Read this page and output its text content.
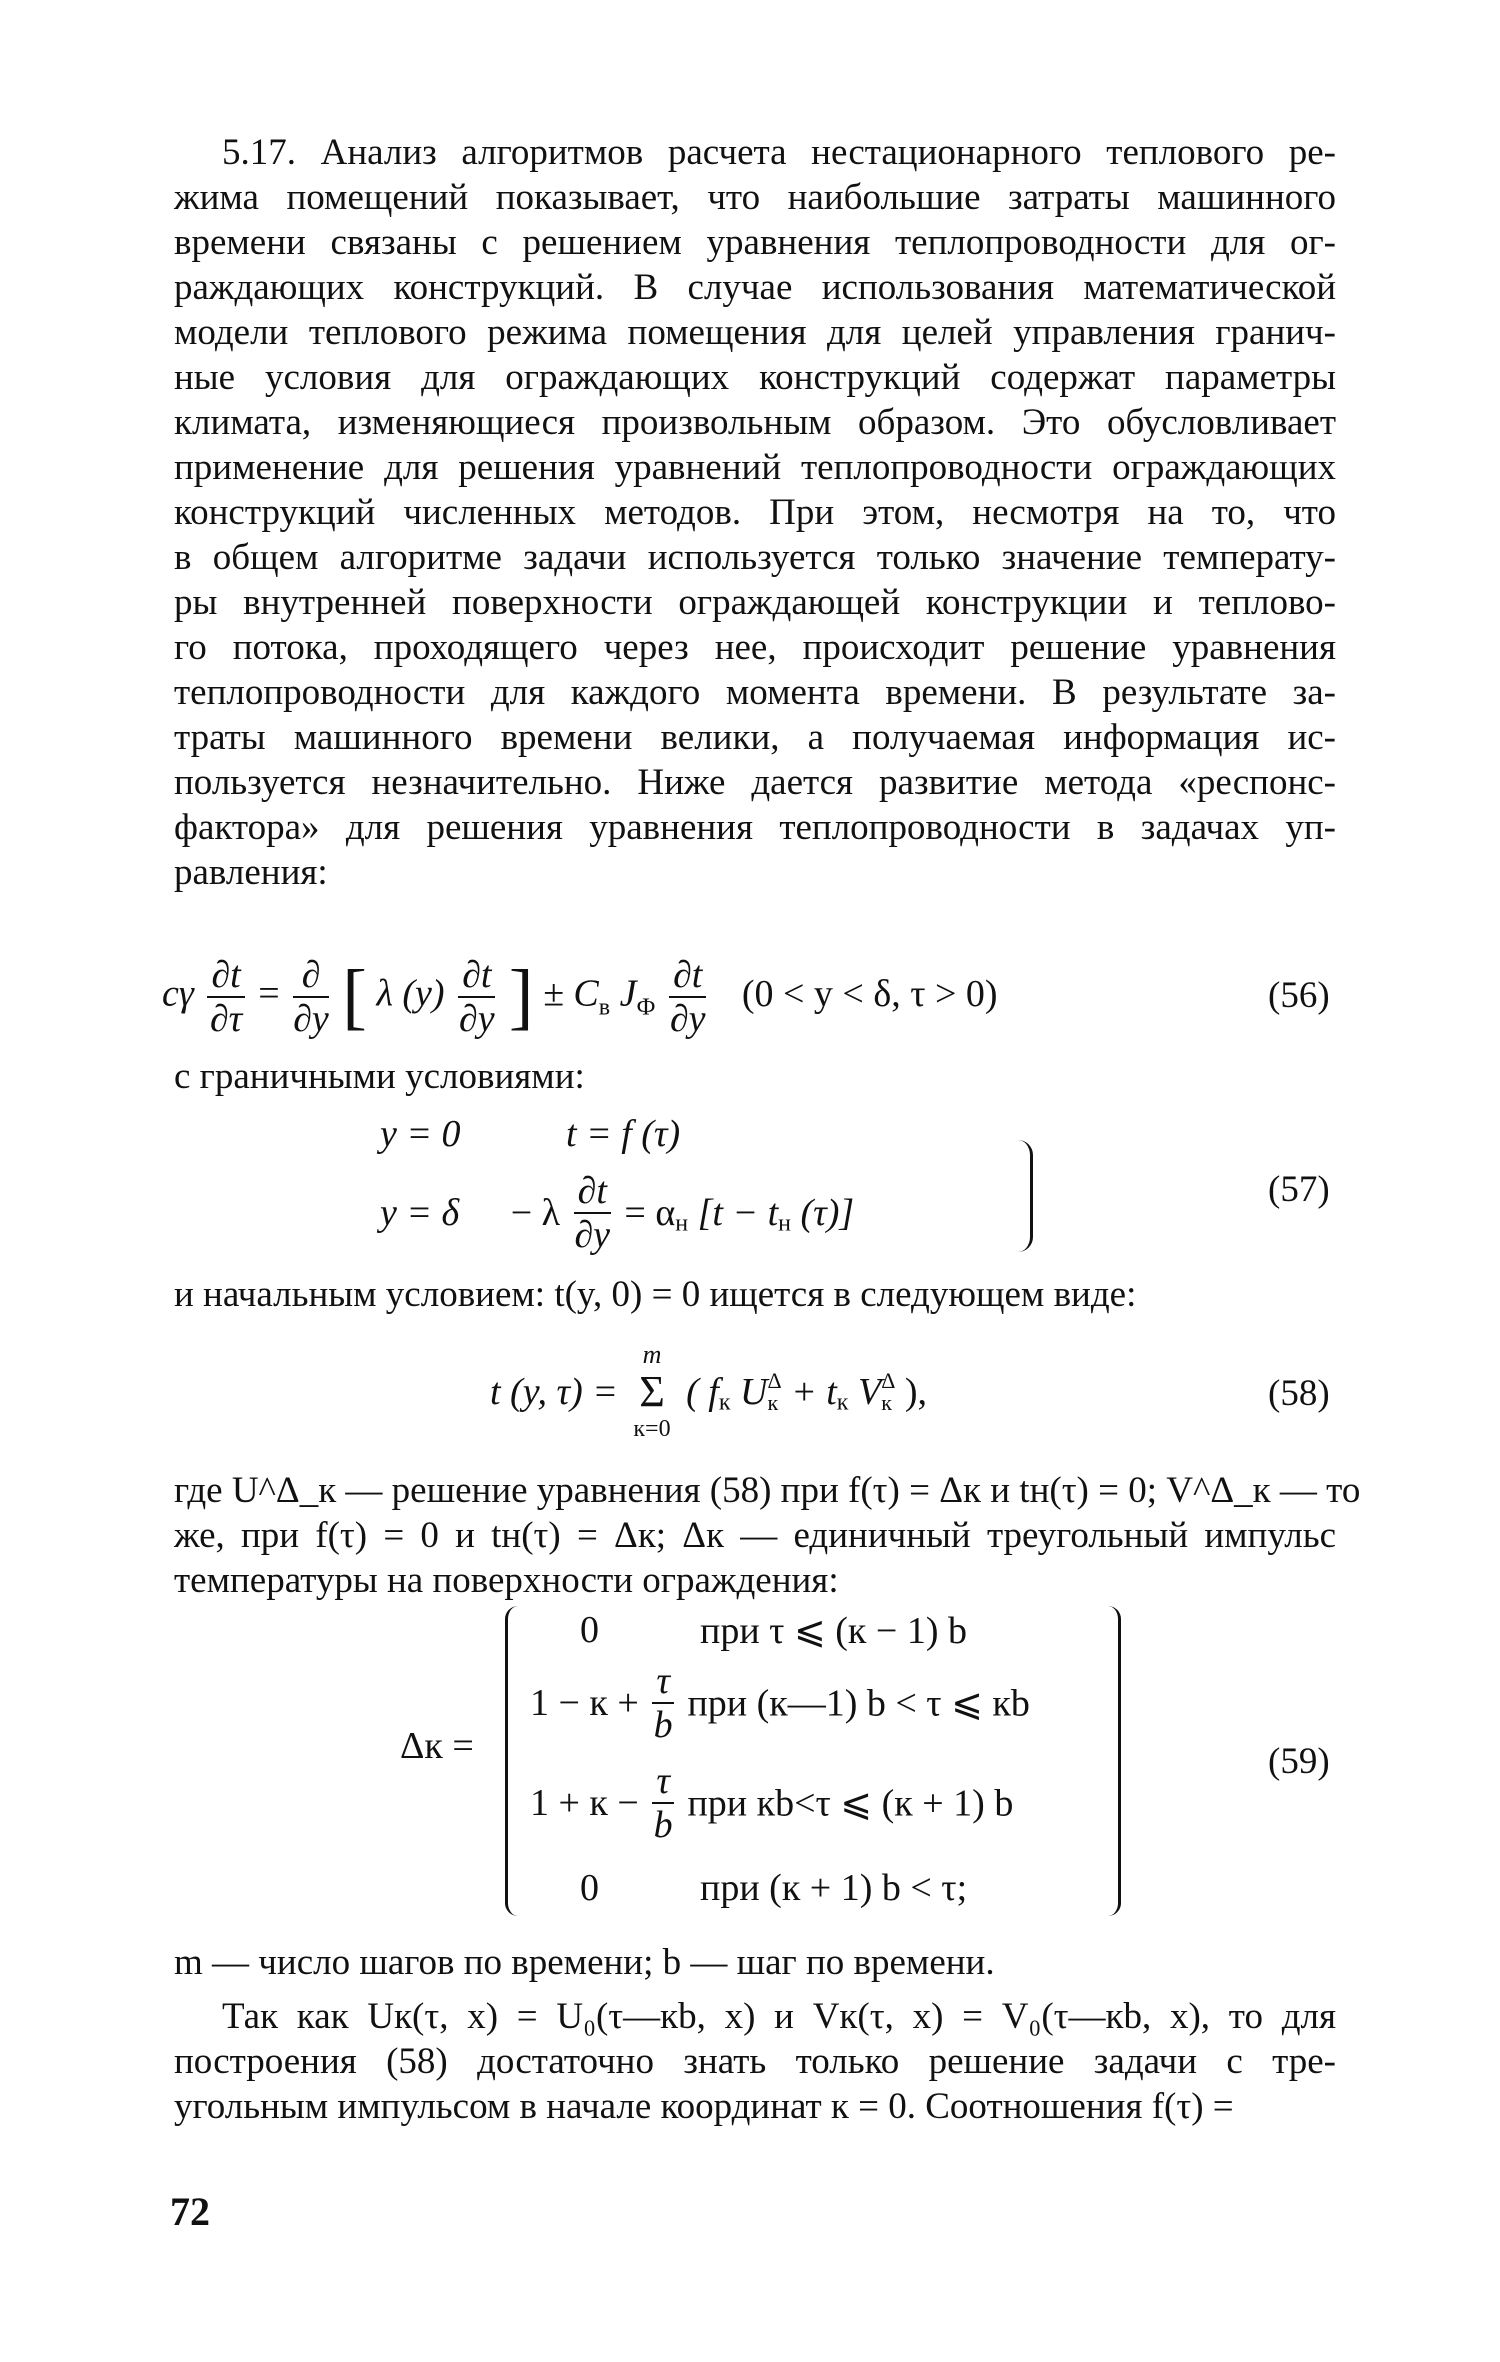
5.17. Анализ алгоритмов расчета нестационарного теплового ре-
жима помещений показывает, что наибольшие затраты машинного
времени связаны с решением уравнения теплопроводности для ог-
раждающих конструкций. В случае использования математической
модели теплового режима помещения для целей управления гранич-
ные условия для ограждающих конструкций содержат параметры
климата, изменяющиеся произвольным образом. Это обусловливает
применение для решения уравнений теплопроводности ограждающих
конструкций численных методов. При этом, несмотря на то, что
в общем алгоритме задачи используется только значение температу-
ры внутренней поверхности ограждающей конструкции и теплово-
го потока, проходящего через нее, происходит решение уравнения
теплопроводности для каждого момента времени. В результате за-
траты машинного времени велики, а получаемая информация ис-
пользуется незначительно. Ниже дается развитие метода «респонс-
фактора» для решения уравнения теплопроводности в задачах уп-
равления:
cγ $\frac{\partial t}{\partial\tau} = \frac{\partial}{\partial y}$ [ λ $(y) \frac{\partial t}{\partial y}$ ] ± $C_в$ $J_Ф \frac{\partial t}{\partial y} (0 < y < \delta$, τ > 0)	(56)
с граничными условиями:
y = 0	t = f (τ)
y = δ − λ $\frac{\partial t}{\partial y} = \alpha_н$ [$t - t_н$ (τ)]
(57)
и начальным условием: t(y, 0) = 0 ищется в следующем виде:
t (y, τ) =
m
Σ
к=0
( $f_к$ U Δ
$к + t_к$ V Δ
к ),	(58)
где U^Δ_к — решение уравнения (58) при f(τ) = Δк и tн(τ) = 0; V^Δ_к — то
же, при f(τ) = 0 и tн(τ) = Δк; Δк — единичный треугольный импульс
температуры на поверхности ограждения:
Δк =
0	при τ ⩽ (к − 1) b
$1 - к + \frac{\tau}{b}$ при (к—1) b < τ ⩽ кb
$1 + к - \frac{\tau}{b}$ при кb<τ ⩽ (к + 1) b
0	при (к + 1) b < τ;
(59)
m — число шагов по времени; b — шаг по времени.
Так как Uк(τ, x) = U₀(τ—кb, x) и Vк(τ, x) = V₀(τ—кb, x), то для
построения (58) достаточно знать только решение задачи с тре-
угольным импульсом в начале координат к = 0. Соотношения f(τ) =
72
